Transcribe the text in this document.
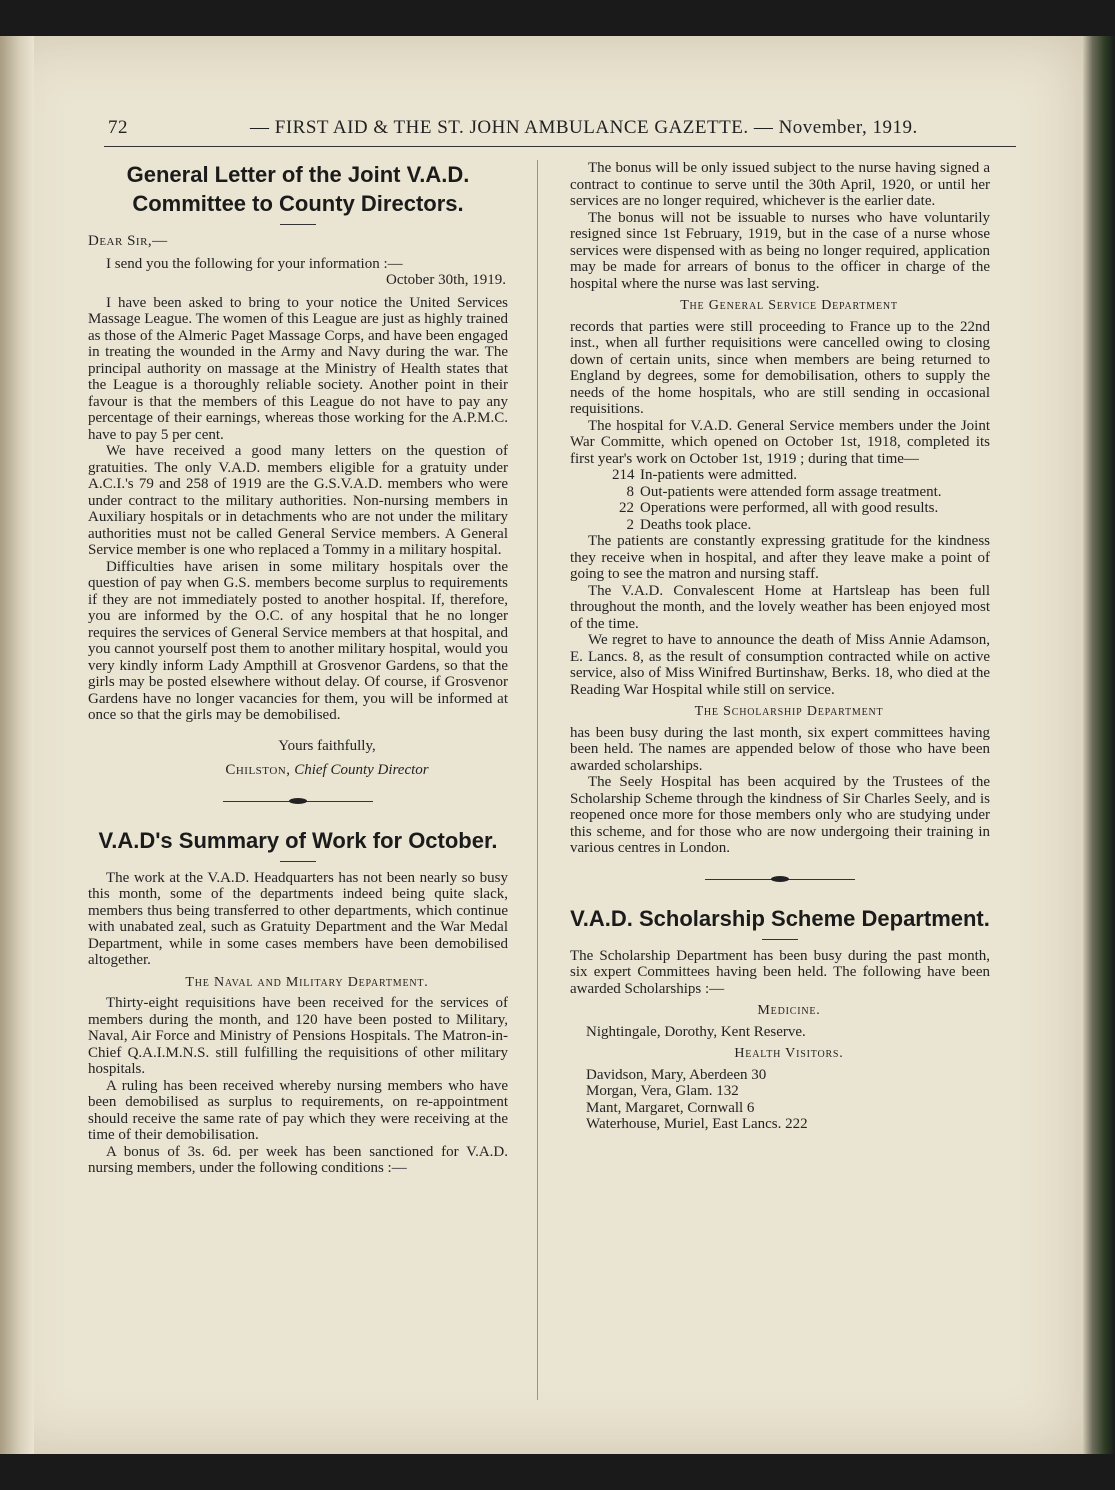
72	— FIRST AID & THE ST. JOHN AMBULANCE GAZETTE. — November, 1919.
General Letter of the Joint V.A.D. Committee to County Directors.

Dear Sir,—

I send you the following for your information :—

October 30th, 1919.

I have been asked to bring to your notice the United Services Massage League. The women of this League are just as highly trained as those of the Almeric Paget Massage Corps, and have been engaged in treating the wounded in the Army and Navy during the war. The principal authority on massage at the Ministry of Health states that the League is a thoroughly reliable society. Another point in their favour is that the members of this League do not have to pay any percentage of their earnings, whereas those working for the A.P.M.C. have to pay 5 per cent.

We have received a good many letters on the question of gratuities. The only V.A.D. members eligible for a gratuity under A.C.I.'s 79 and 258 of 1919 are the G.S.V.A.D. members who were under contract to the military authorities. Non-nursing members in Auxiliary hospitals or in detachments who are not under the military authorities must not be called General Service members. A General Service member is one who replaced a Tommy in a military hospital.

Difficulties have arisen in some military hospitals over the question of pay when G.S. members become surplus to requirements if they are not immediately posted to another hospital. If, therefore, you are informed by the O.C. of any hospital that he no longer requires the services of General Service members at that hospital, and you cannot yourself post them to another military hospital, would you very kindly inform Lady Ampthill at Grosvenor Gardens, so that the girls may be posted elsewhere without delay. Of course, if Grosvenor Gardens have no longer vacancies for them, you will be informed at once so that the girls may be demobilised.

Yours faithfully,

Chilston, Chief County Director

V.A.D's Summary of Work for October.

The work at the V.A.D. Headquarters has not been nearly so busy this month, some of the departments indeed being quite slack, members thus being transferred to other departments, which continue with unabated zeal, such as Gratuity Department and the War Medal Department, while in some cases members have been demobilised altogether.

The Naval and Military Department.

Thirty-eight requisitions have been received for the services of members during the month, and 120 have been posted to Military, Naval, Air Force and Ministry of Pensions Hospitals. The Matron-in-Chief Q.A.I.M.N.S. still fulfilling the requisitions of other military hospitals.

A ruling has been received whereby nursing members who have been demobilised as surplus to requirements, on re-appointment should receive the same rate of pay which they were receiving at the time of their demobilisation.

A bonus of 3s. 6d. per week has been sanctioned for V.A.D. nursing members, under the following conditions :—

The bonus will be only issued subject to the nurse having signed a contract to continue to serve until the 30th April, 1920, or until her services are no longer required, whichever is the earlier date.

The bonus will not be issuable to nurses who have voluntarily resigned since 1st February, 1919, but in the case of a nurse whose services were dispensed with as being no longer required, application may be made for arrears of bonus to the officer in charge of the hospital where the nurse was last serving.

The General Service Department

records that parties were still proceeding to France up to the 22nd inst., when all further requisitions were cancelled owing to closing down of certain units, since when members are being returned to England by degrees, some for demobilisation, others to supply the needs of the home hospitals, who are still sending in occasional requisitions.

The hospital for V.A.D. General Service members under the Joint War Committe, which opened on October 1st, 1918, completed its first year's work on October 1st, 1919 ; during that time—

214 In-patients were admitted.

8 Out-patients were attended form assage treatment.

22 Operations were performed, all with good results.

2 Deaths took place.

The patients are constantly expressing gratitude for the kindness they receive when in hospital, and after they leave make a point of going to see the matron and nursing staff.

The V.A.D. Convalescent Home at Hartsleap has been full throughout the month, and the lovely weather has been enjoyed most of the time.

We regret to have to announce the death of Miss Annie Adamson, E. Lancs. 8, as the result of consumption contracted while on active service, also of Miss Winifred Burtinshaw, Berks. 18, who died at the Reading War Hospital while still on service.

The Scholarship Department

has been busy during the last month, six expert committees having been held. The names are appended below of those who have been awarded scholarships.

The Seely Hospital has been acquired by the Trustees of the Scholarship Scheme through the kindness of Sir Charles Seely, and is reopened once more for those members only who are studying under this scheme, and for those who are now undergoing their training in various centres in London.

V.A.D. Scholarship Scheme Department.

The Scholarship Department has been busy during the past month, six expert Committees having been held. The following have been awarded Scholarships :—

Medicine.

Nightingale, Dorothy, Kent Reserve.

Health Visitors.

Davidson, Mary, Aberdeen 30

Morgan, Vera, Glam. 132

Mant, Margaret, Cornwall 6

Waterhouse, Muriel, East Lancs. 222
